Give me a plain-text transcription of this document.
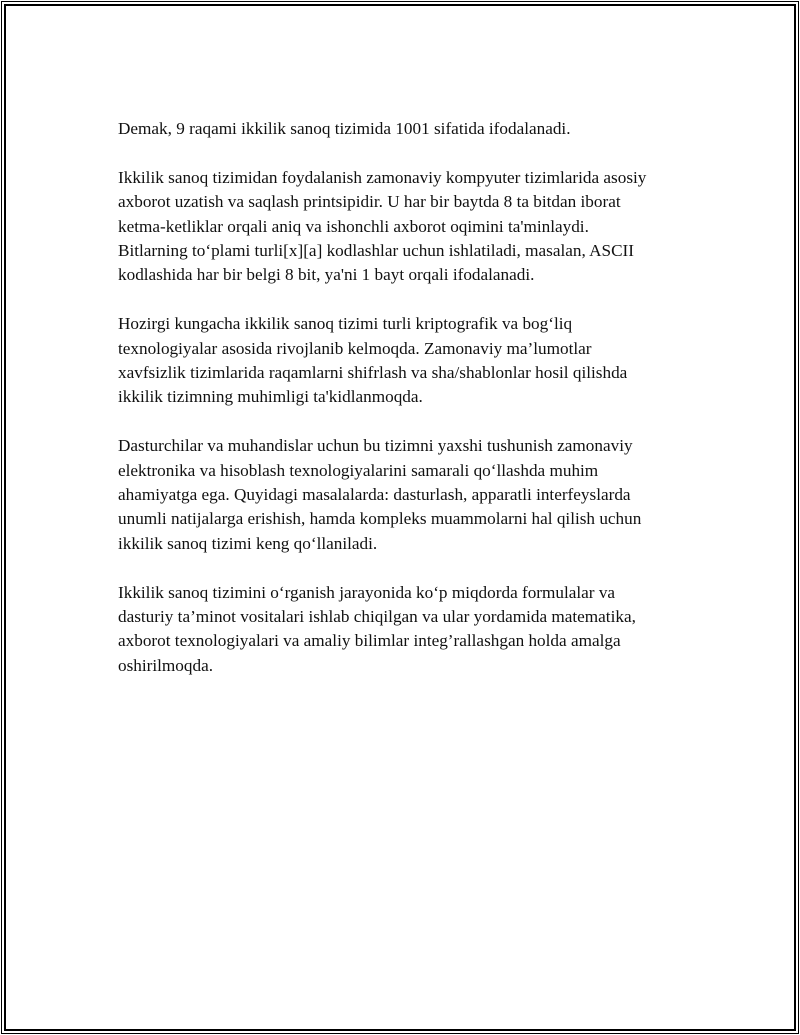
Demak, 9 raqami ikkilik sanoq tizimida 1001 sifatida ifodalanadi.

Ikkilik sanoq tizimidan foydalanish zamonaviy kompyuter tizimlarida asosiy
axborot uzatish va saqlash printsipidir. U har bir baytda 8 ta bitdan iborat
ketma-ketliklar orqali aniq va ishonchli axborot oqimini ta'minlaydi.
Bitlarning to‘plami turli[x][a] kodlashlar uchun ishlatiladi, masalan, ASCII
kodlashida har bir belgi 8 bit, ya'ni 1 bayt orqali ifodalanadi.

Hozirgi kungacha ikkilik sanoq tizimi turli kriptografik va bog‘liq
texnologiyalar asosida rivojlanib kelmoqda. Zamonaviy ma’lumotlar
xavfsizlik tizimlarida raqamlarni shifrlash va sha/shablonlar hosil qilishda
ikkilik tizimning muhimligi ta'kidlanmoqda.

Dasturchilar va muhandislar uchun bu tizimni yaxshi tushunish zamonaviy
elektronika va hisoblash texnologiyalarini samarali qo‘llashda muhim
ahamiyatga ega. Quyidagi masalalarda: dasturlash, apparatli interfeyslarda
unumli natijalarga erishish, hamda kompleks muammolarni hal qilish uchun
ikkilik sanoq tizimi keng qo‘llaniladi.

Ikkilik sanoq tizimini o‘rganish jarayonida ko‘p miqdorda formulalar va
dasturiy ta’minot vositalari ishlab chiqilgan va ular yordamida matematika,
axborot texnologiyalari va amaliy bilimlar integ’rallashgan holda amalga
oshirilmoqda.
